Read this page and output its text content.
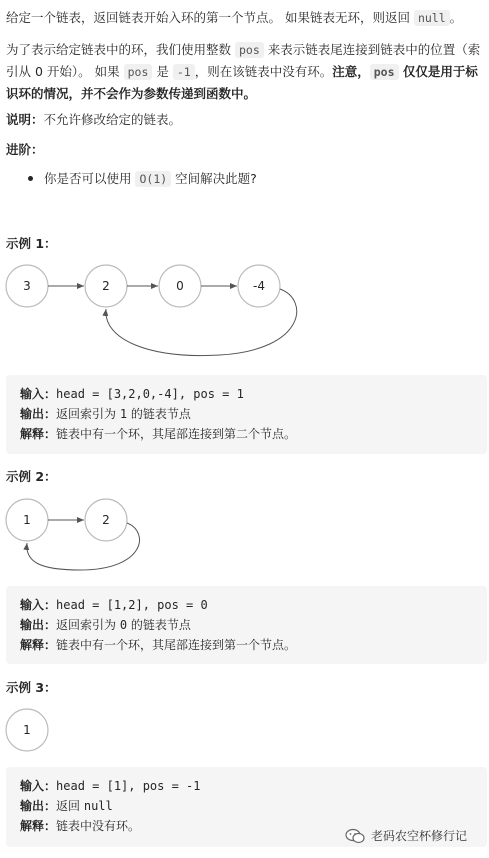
给定一个链表，返回链表开始入环的第一个节点。 如果链表无环，则返回 null 。

为了表示给定链表中的环，我们使用整数 pos 来表示链表尾连接到链表中的位置（索引从 0 开始）。 如果 pos 是 -1 ，则在该链表中没有环。注意， pos 仅仅是用于标识环的情况，并不会作为参数传递到函数中。

说明：不允许修改给定的链表。

进阶：

你是否可以使用 O(1) 空间解决此题?

示例 1：
3	2	0	-4
输入：head = [3,2,0,-4], pos = 1
输出：返回索引为 1 的链表节点
解释：链表中有一个环，其尾部连接到第二个节点。
示例 2：
1	2
输入：head = [1,2], pos = 0
输出：返回索引为 0 的链表节点
解释：链表中有一个环，其尾部连接到第一个节点。
示例 3：
1
输入：head = [1], pos = -1
输出：返回 null
解释：链表中没有环。
老码农空杯修行记
